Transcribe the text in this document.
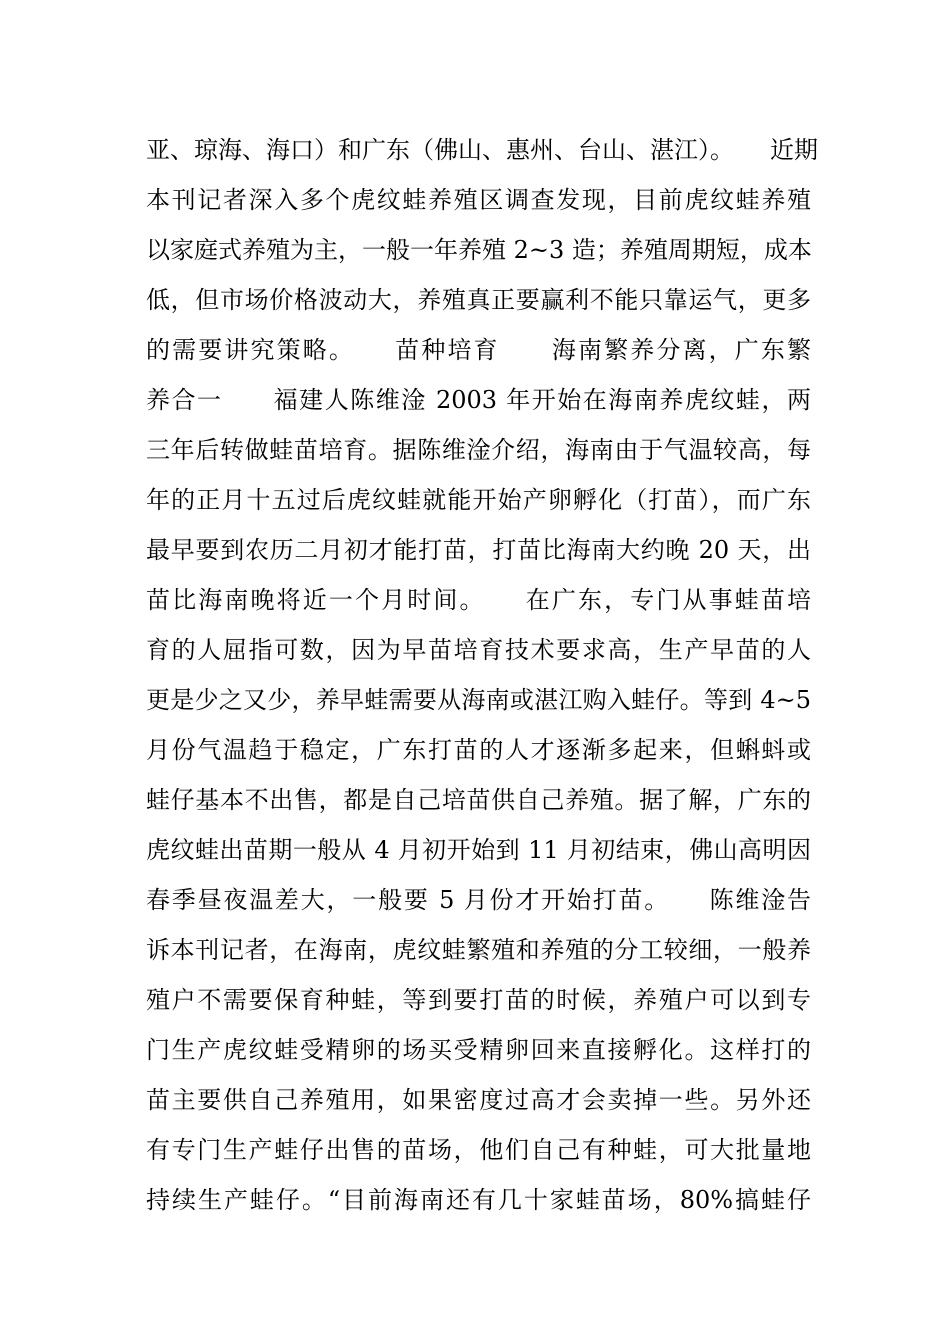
亚、琼海、海口）和广东（佛山、惠州、台山、湛江）。　　近期
本刊记者深入多个虎纹蛙养殖区调查发现，目前虎纹蛙养殖
以家庭式养殖为主，一般一年养殖 2~3 造；养殖周期短，成本
低，但市场价格波动大，养殖真正要赢利不能只靠运气，更多
的需要讲究策略。　　苗种培育　　海南繁养分离，广东繁
养合一　　福建人陈维淦 2003 年开始在海南养虎纹蛙，两
三年后转做蛙苗培育。据陈维淦介绍，海南由于气温较高，每
年的正月十五过后虎纹蛙就能开始产卵孵化（打苗），而广东
最早要到农历二月初才能打苗，打苗比海南大约晚 20 天，出
苗比海南晚将近一个月时间。　　在广东，专门从事蛙苗培
育的人屈指可数，因为早苗培育技术要求高，生产早苗的人
更是少之又少，养早蛙需要从海南或湛江购入蛙仔。等到 4~5
月份气温趋于稳定，广东打苗的人才逐渐多起来，但蝌蚪或
蛙仔基本不出售，都是自己培苗供自己养殖。据了解，广东的
虎纹蛙出苗期一般从 4 月初开始到 11 月初结束，佛山高明因
春季昼夜温差大，一般要 5 月份才开始打苗。　　陈维淦告
诉本刊记者，在海南，虎纹蛙繁殖和养殖的分工较细，一般养
殖户不需要保育种蛙，等到要打苗的时候，养殖户可以到专
门生产虎纹蛙受精卵的场买受精卵回来直接孵化。这样打的
苗主要供自己养殖用，如果密度过高才会卖掉一些。另外还
有专门生产蛙仔出售的苗场，他们自己有种蛙，可大批量地
持续生产蛙仔。“目前海南还有几十家蛙苗场，80%搞蛙仔
